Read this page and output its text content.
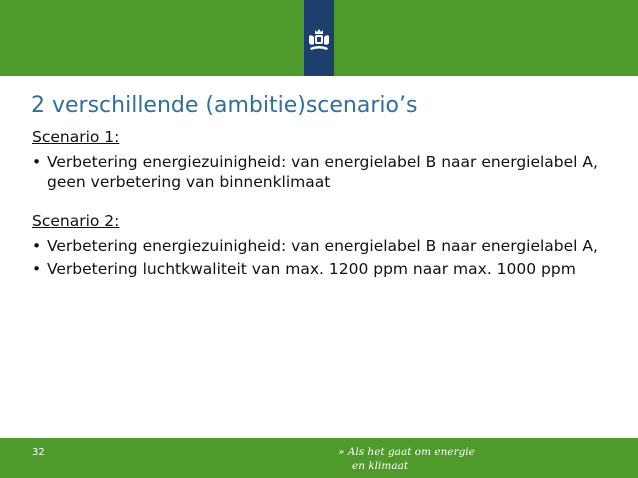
2 verschillende (ambitie)scenario’s

Scenario 1:

• Verbetering energiezuinigheid: van energielabel B naar energielabel A, geen verbetering van binnenklimaat

Scenario 2:

• Verbetering energiezuinigheid: van energielabel B naar energielabel A,
• Verbetering luchtkwaliteit van max. 1200 ppm naar max. 1000 ppm
32	» Als het gaat om energie
en klimaat
